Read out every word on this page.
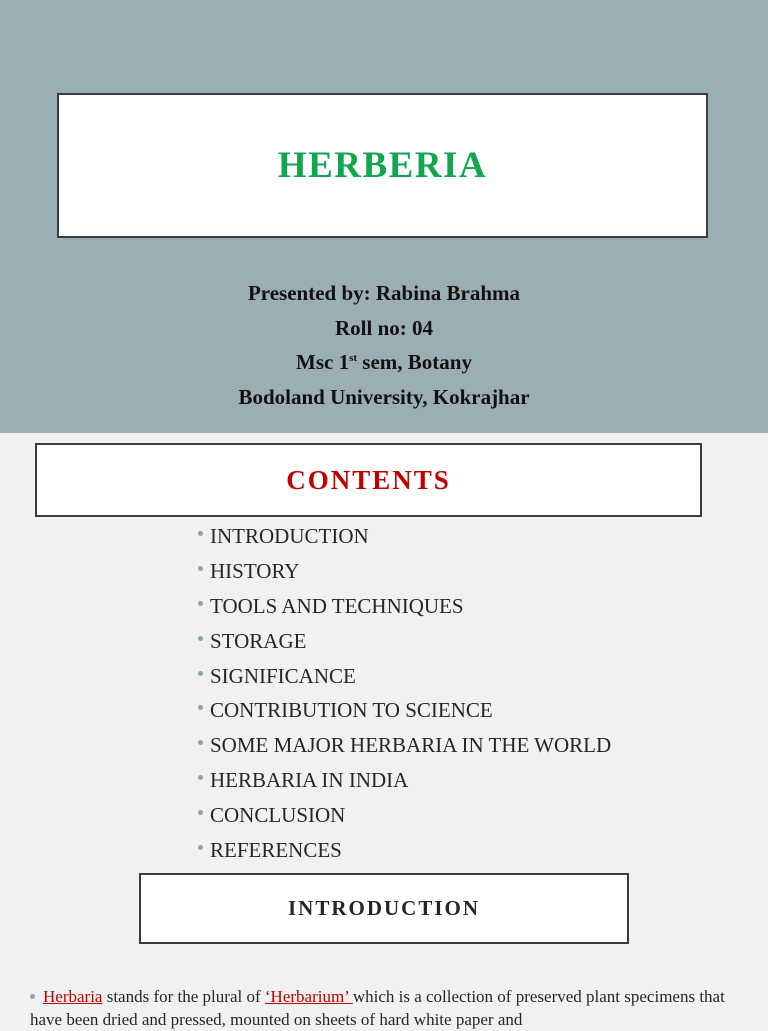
HERBERIA
Presented by: Rabina Brahma
Roll no: 04
Msc 1st sem, Botany
Bodoland University, Kokrajhar
CONTENTS
INTRODUCTION
HISTORY
TOOLS AND TECHNIQUES
STORAGE
SIGNIFICANCE
CONTRIBUTION TO SCIENCE
SOME MAJOR HERBARIA IN THE WORLD
HERBARIA IN INDIA
CONCLUSION
REFERENCES
INTRODUCTION
Herbaria stands for the plural of ‘Herbarium’ which is a collection of preserved plant specimens that have been dried and pressed, mounted on sheets of hard white paper and
